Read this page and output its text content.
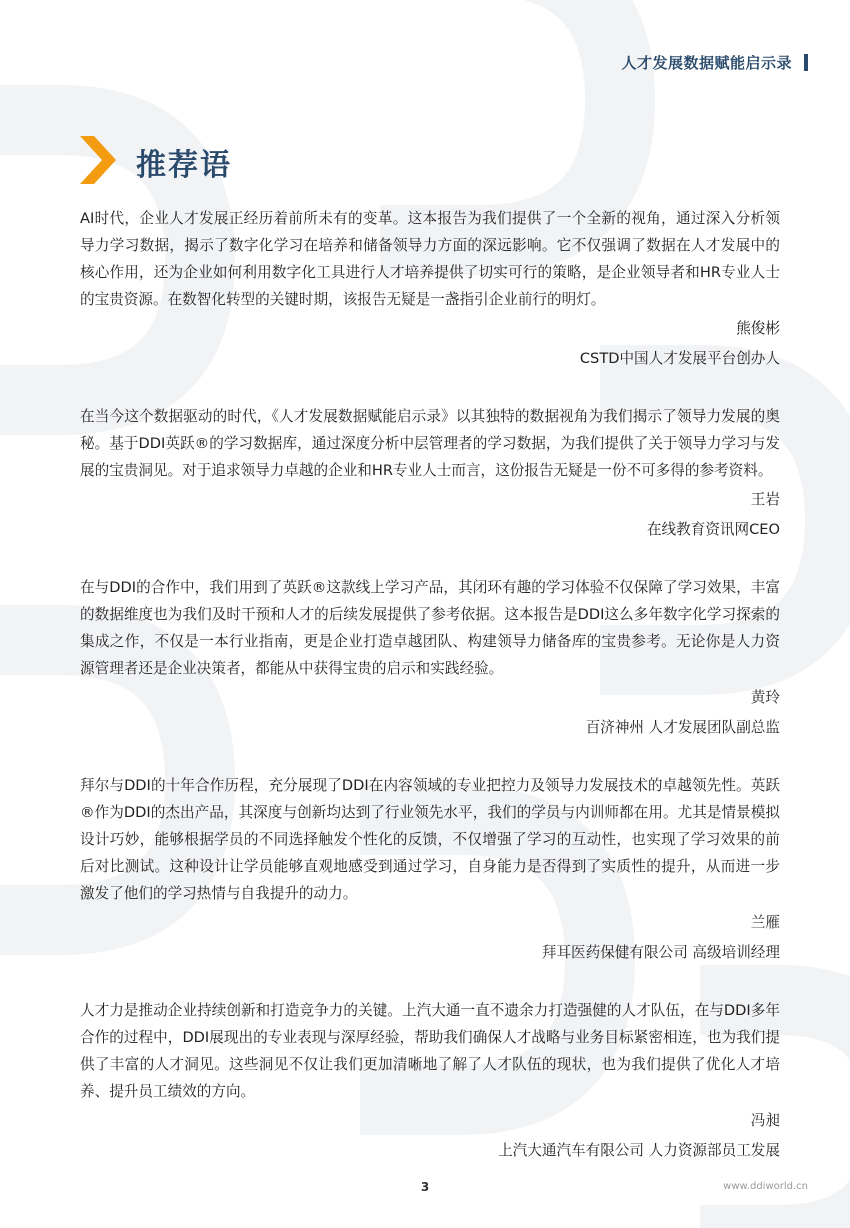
人才发展数据赋能启示录
推荐语

AI时代，企业人才发展正经历着前所未有的变革。这本报告为我们提供了一个全新的视角，通过深入分析领导力学习数据，揭示了数字化学习在培养和储备领导力方面的深远影响。它不仅强调了数据在人才发展中的核心作用，还为企业如何利用数字化工具进行人才培养提供了切实可行的策略，是企业领导者和HR专业人士的宝贵资源。在数智化转型的关键时期，该报告无疑是一盏指引企业前行的明灯。

熊俊彬

CSTD中国人才发展平台创办人

在当今这个数据驱动的时代，《人才发展数据赋能启示录》以其独特的数据视角为我们揭示了领导力发展的奥秘。基于DDI英跃®的学习数据库，通过深度分析中层管理者的学习数据，为我们提供了关于领导力学习与发展的宝贵洞见。对于追求领导力卓越的企业和HR专业人士而言，这份报告无疑是一份不可多得的参考资料。

王岩

在线教育资讯网CEO

在与DDI的合作中，我们用到了英跃®这款线上学习产品，其闭环有趣的学习体验不仅保障了学习效果，丰富的数据维度也为我们及时干预和人才的后续发展提供了参考依据。这本报告是DDI这么多年数字化学习探索的集成之作，不仅是一本行业指南，更是企业打造卓越团队、构建领导力储备库的宝贵参考。无论你是人力资源管理者还是企业决策者，都能从中获得宝贵的启示和实践经验。

黄玲

百济神州 人才发展团队副总监

拜尔与DDI的十年合作历程，充分展现了DDI在内容领域的专业把控力及领导力发展技术的卓越领先性。英跃®作为DDI的杰出产品，其深度与创新均达到了行业领先水平，我们的学员与内训师都在用。尤其是情景模拟设计巧妙，能够根据学员的不同选择触发个性化的反馈，不仅增强了学习的互动性，也实现了学习效果的前后对比测试。这种设计让学员能够直观地感受到通过学习，自身能力是否得到了实质性的提升，从而进一步激发了他们的学习热情与自我提升的动力。

兰雁

拜耳医药保健有限公司 高级培训经理

人才力是推动企业持续创新和打造竞争力的关键。上汽大通一直不遗余力打造强健的人才队伍，在与DDI多年合作的过程中，DDI展现出的专业表现与深厚经验，帮助我们确保人才战略与业务目标紧密相连，也为我们提供了丰富的人才洞见。这些洞见不仅让我们更加清晰地了解了人才队伍的现状，也为我们提供了优化人才培养、提升员工绩效的方向。

冯昶

上汽大通汽车有限公司 人力资源部员工发展

3	www.ddiworld.cn
